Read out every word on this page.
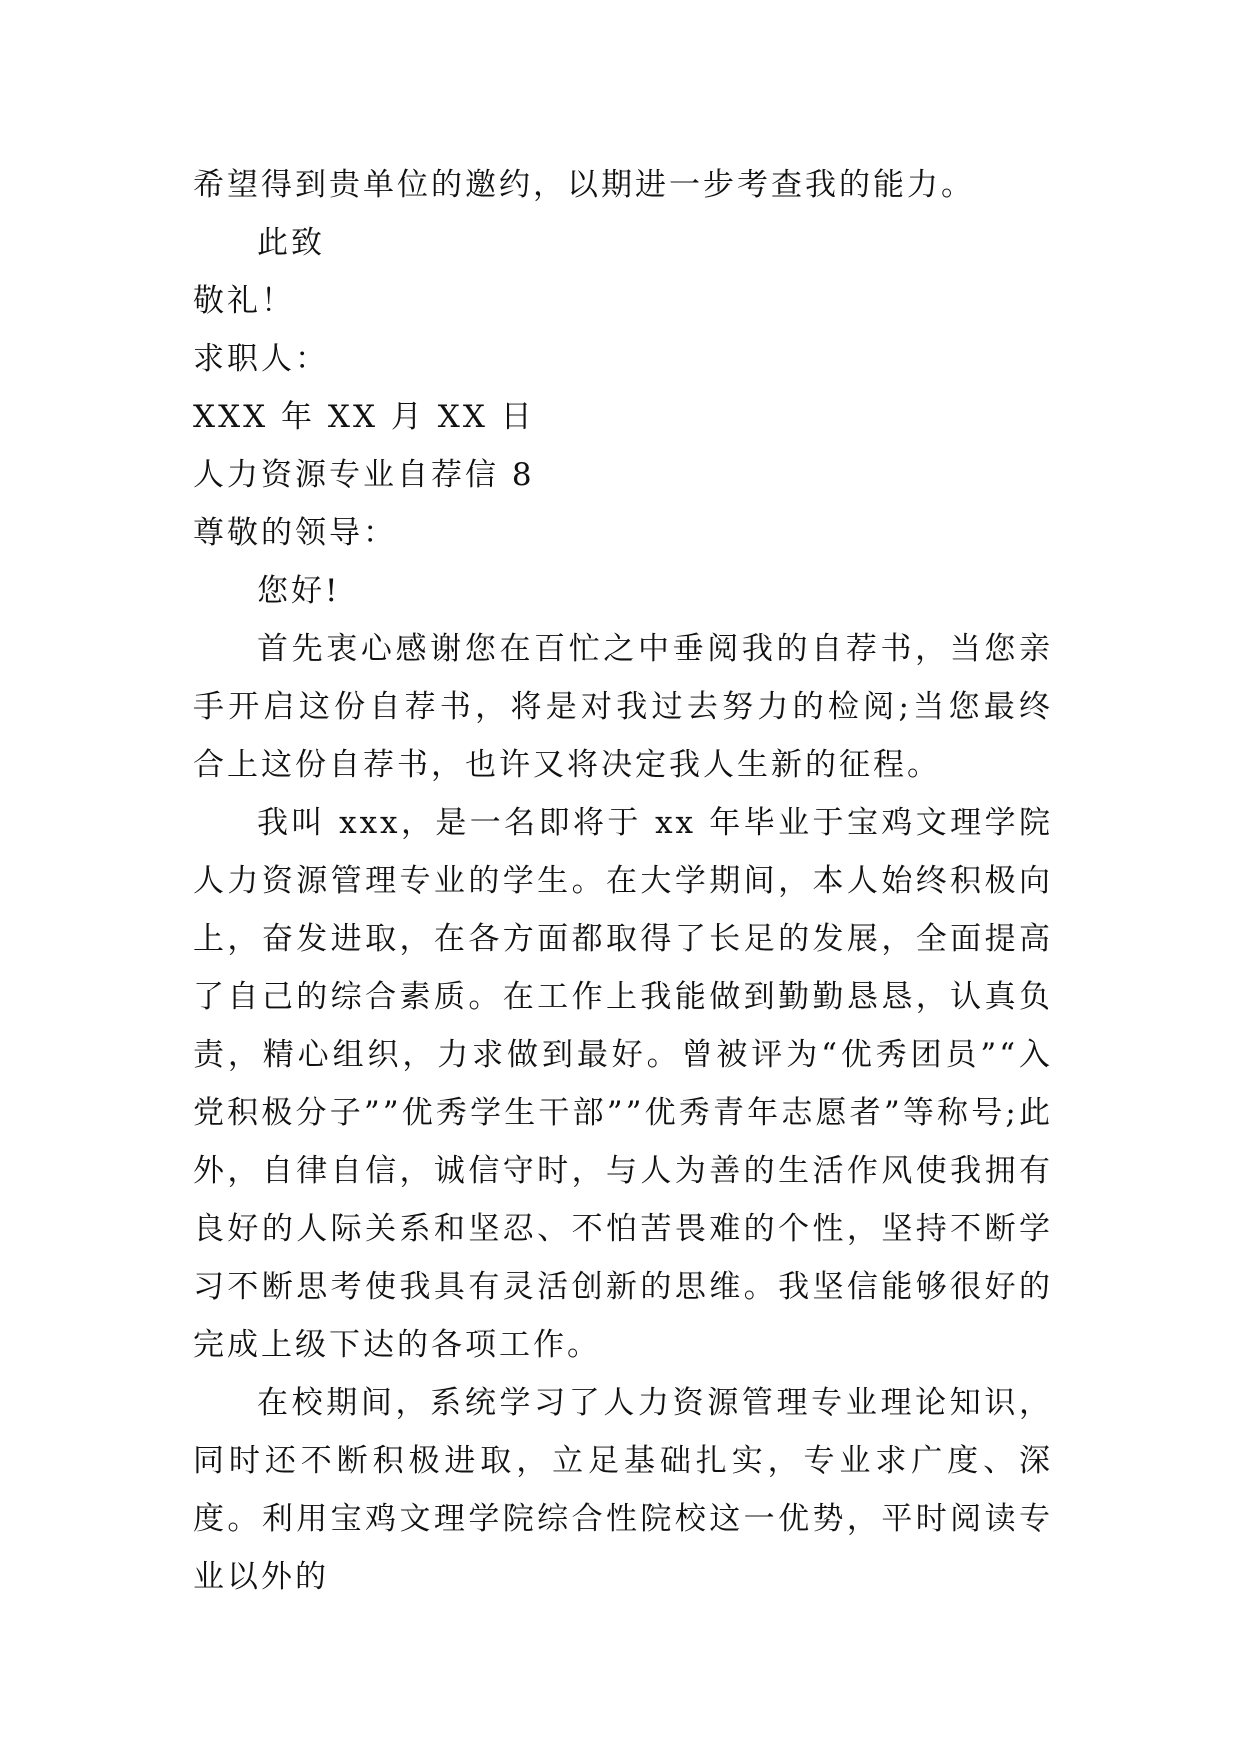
希望得到贵单位的邀约，以期进一步考查我的能力。
此致
敬礼！
求职人：
XXX 年 XX 月 XX 日
人力资源专业自荐信 8
尊敬的领导：
您好!
首先衷心感谢您在百忙之中垂阅我的自荐书，当您亲手开启这份自荐书，将是对我过去努力的检阅;当您最终合上这份自荐书，也许又将决定我人生新的征程。
我叫 xxx，是一名即将于 xx 年毕业于宝鸡文理学院人力资源管理专业的学生。在大学期间，本人始终积极向上，奋发进取，在各方面都取得了长足的发展，全面提高了自己的综合素质。在工作上我能做到勤勤恳恳，认真负责，精心组织，力求做到最好。曾被评为“优秀团员”“入党积极分子””优秀学生干部””优秀青年志愿者”等称号;此外，自律自信，诚信守时，与人为善的生活作风使我拥有良好的人际关系和坚忍、不怕苦畏难的个性，坚持不断学习不断思考使我具有灵活创新的思维。我坚信能够很好的完成上级下达的各项工作。
在校期间，系统学习了人力资源管理专业理论知识，同时还不断积极进取，立足基础扎实，专业求广度、深度。利用宝鸡文理学院综合性院校这一优势，平时阅读专业以外的
